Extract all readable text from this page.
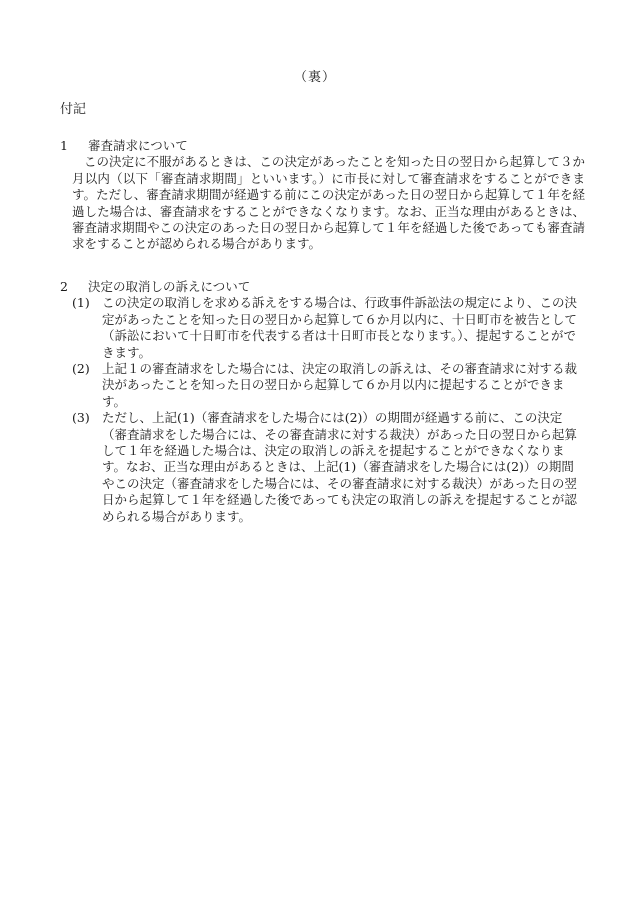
（裏）
付記
1	審査請求について
この決定に不服があるときは、この決定があったことを知った日の翌日から起算して３か月以内（以下「審査請求期間」といいます。）に市長に対して審査請求をすることができます。ただし、審査請求期間が経過する前にこの決定があった日の翌日から起算して１年を経過した場合は、審査請求をすることができなくなります。なお、正当な理由があるときは、審査請求期間やこの決定のあった日の翌日から起算して１年を経過した後であっても審査請求をすることが認められる場合があります。
2	決定の取消しの訴えについて
(1) この決定の取消しを求める訴えをする場合は、行政事件訴訟法の規定により、この決定があったことを知った日の翌日から起算して６か月以内に、十日町市を被告として（訴訟において十日町市を代表する者は十日町市長となります。）、提起することができます。
(2) 上記１の審査請求をした場合には、決定の取消しの訴えは、その審査請求に対する裁決があったことを知った日の翌日から起算して６か月以内に提起することができます。
(3) ただし、上記(1)（審査請求をした場合には(2)）の期間が経過する前に、この決定（審査請求をした場合には、その審査請求に対する裁決）があった日の翌日から起算して１年を経過した場合は、決定の取消しの訴えを提起することができなくなります。なお、正当な理由があるときは、上記(1)（審査請求をした場合には(2)）の期間やこの決定（審査請求をした場合には、その審査請求に対する裁決）があった日の翌日から起算して１年を経過した後であっても決定の取消しの訴えを提起することが認められる場合があります。
